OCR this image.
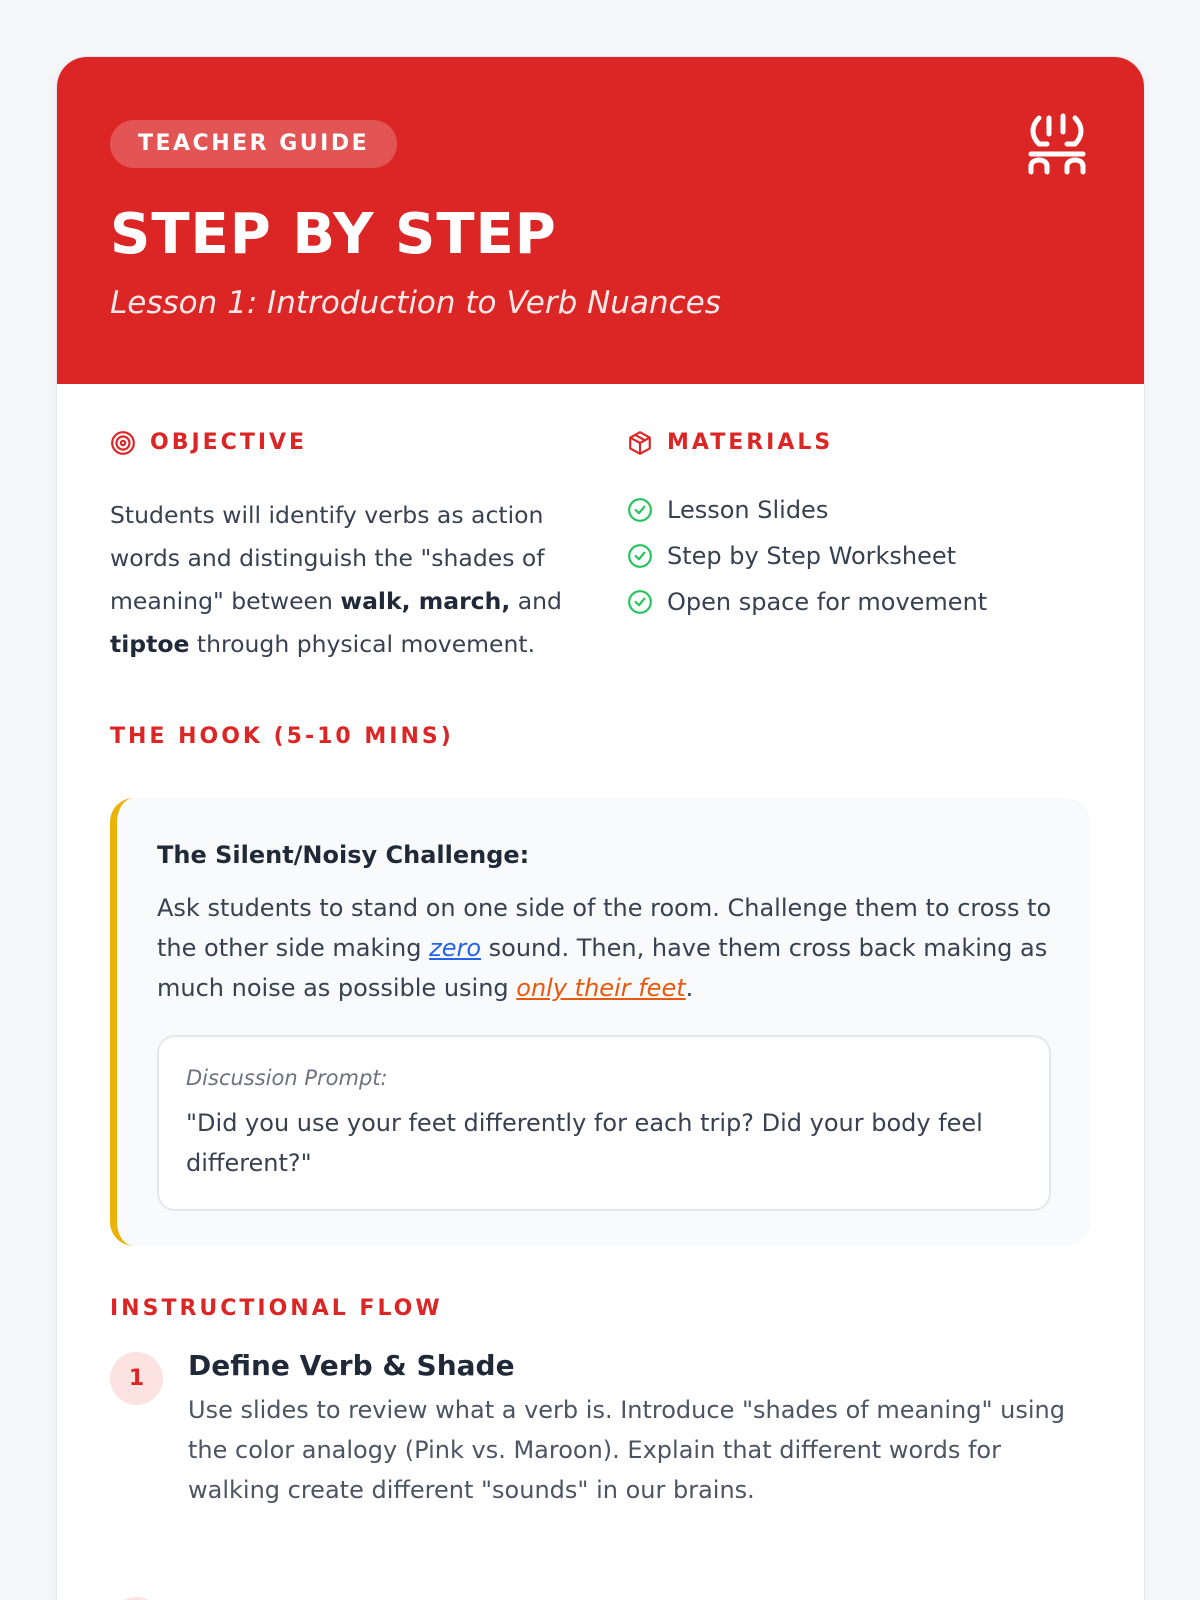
TEACHER GUIDE
STEP BY STEP
Lesson 1: Introduction to Verb Nuances
OBJECTIVE

Students will identify verbs as action words and distinguish the "shades of meaning" between walk, march, and tiptoe through physical movement.

MATERIALS
Lesson Slides
Step by Step Worksheet
Open space for movement
THE HOOK (5-10 MINS)
The Silent/Noisy Challenge:

Ask students to stand on one side of the room. Challenge them to cross to the other side making zero sound. Then, have them cross back making as much noise as possible using only their feet.

Discussion Prompt:
"Did you use your feet differently for each trip? Did your body feel different?"
INSTRUCTIONAL FLOW
1	Define Verb & Shade

Use slides to review what a verb is. Introduce "shades of meaning" using the color analogy (Pink vs. Maroon). Explain that different words for walking create different "sounds" in our brains.
